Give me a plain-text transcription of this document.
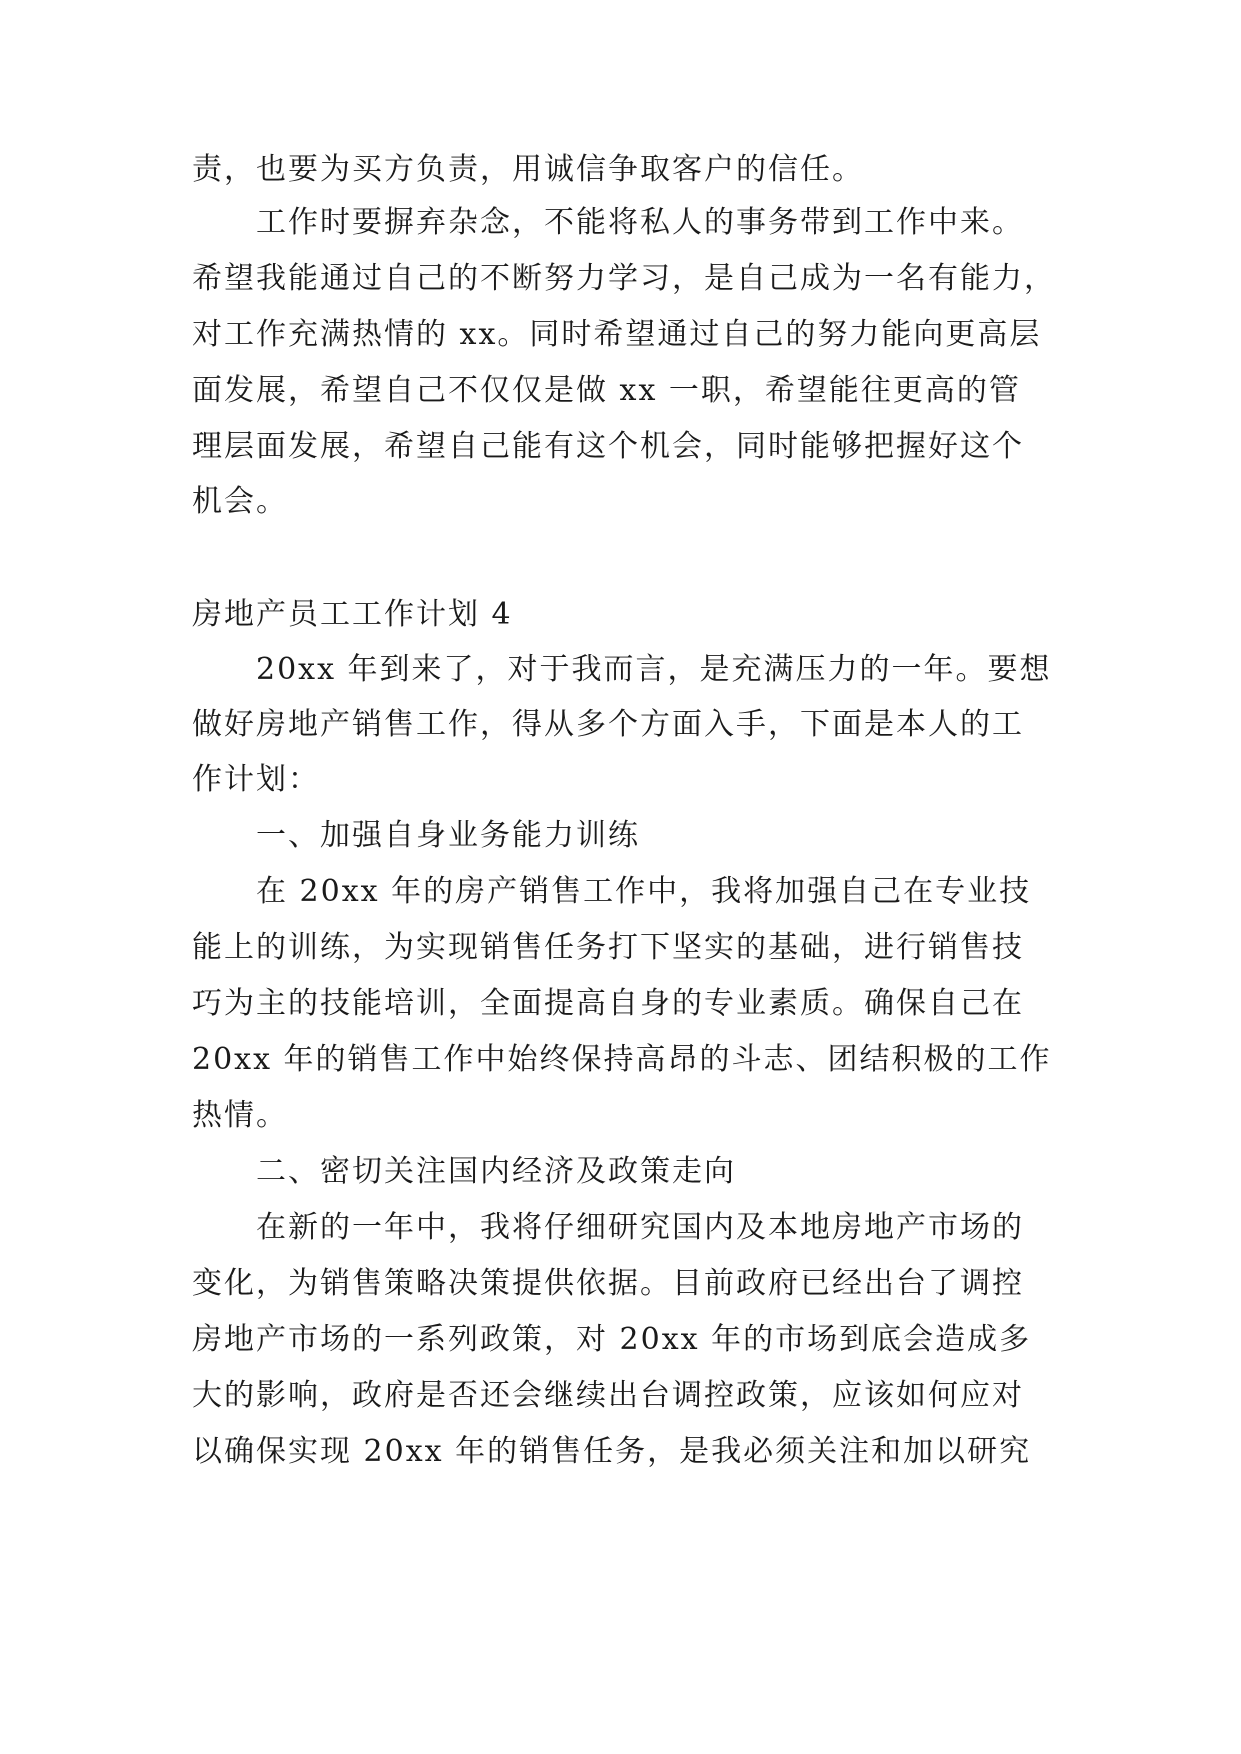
责，也要为买方负责，用诚信争取客户的信任。
工作时要摒弃杂念，不能将私人的事务带到工作中来。
希望我能通过自己的不断努力学习，是自己成为一名有能力，
对工作充满热情的 xx。同时希望通过自己的努力能向更高层
面发展，希望自己不仅仅是做 xx 一职，希望能往更高的管
理层面发展，希望自己能有这个机会，同时能够把握好这个
机会。
房地产员工工作计划 4
20xx 年到来了，对于我而言，是充满压力的一年。要想
做好房地产销售工作，得从多个方面入手，下面是本人的工
作计划：
一、加强自身业务能力训练
在 20xx 年的房产销售工作中，我将加强自己在专业技
能上的训练，为实现销售任务打下坚实的基础，进行销售技
巧为主的技能培训，全面提高自身的专业素质。确保自己在
20xx 年的销售工作中始终保持高昂的斗志、团结积极的工作
热情。
二、密切关注国内经济及政策走向
在新的一年中，我将仔细研究国内及本地房地产市场的
变化，为销售策略决策提供依据。目前政府已经出台了调控
房地产市场的一系列政策，对 20xx 年的市场到底会造成多
大的影响，政府是否还会继续出台调控政策，应该如何应对
以确保实现 20xx 年的销售任务，是我必须关注和加以研究
